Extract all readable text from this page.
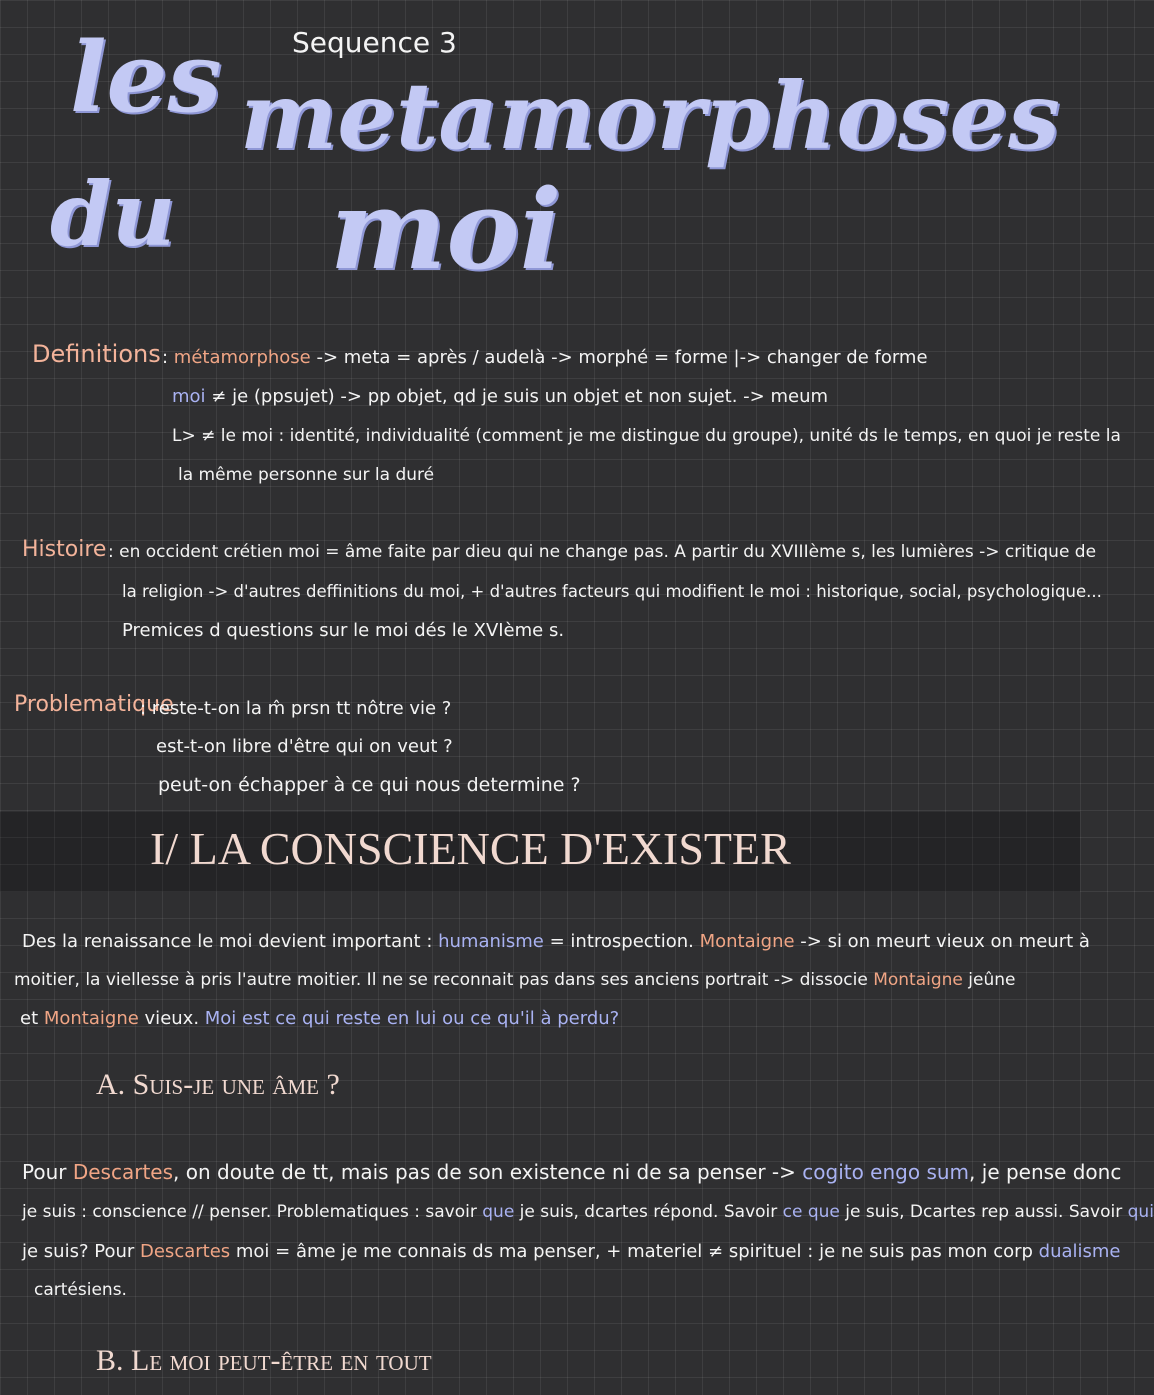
Sequence 3
les metamorphoses
du moi
Definitions : métamorphose -> meta = après / audelà -> morphé = forme |-> changer de forme
moi ≠ je (ppsujet) -> pp objet, qd je suis un objet et non sujet. -> meum
L> ≠ le moi : identité, individualité (comment je me distingue du groupe), unité ds le temps, en quoi je reste la
la même personne sur la duré
Histoire : en occident crétien moi = âme faite par dieu qui ne change pas. A partir du XVIIIème s, les lumières -> critique de
la religion -> d'autres deffinitions du moi, + d'autres facteurs qui modifient le moi : historique, social, psychologique...
Premices d questions sur le moi dés le XVIème s.
Problematique
: reste-t-on la m̂ prsn tt nôtre vie ?
est-t-on libre d'être qui on veut ?
peut-on échapper à ce qui nous determine ?
I/ LA CONSCIENCE D'EXISTER
Des la renaissance le moi devient important : humanisme = introspection. Montaigne -> si on meurt vieux on meurt à
moitier, la viellesse à pris l'autre moitier. Il ne se reconnait pas dans ses anciens portrait -> dissocie Montaigne jeûne
et Montaigne vieux. Moi est ce qui reste en lui ou ce qu'il à perdu?
A. Suis-je une âme ?
Pour Descartes, on doute de tt, mais pas de son existence ni de sa penser -> cogito engo sum, je pense donc
je suis : conscience // penser. Problematiques : savoir que je suis, dcartes répond. Savoir ce que je suis, Dcartes rep aussi. Savoir qui
je suis? Pour Descartes moi = âme je me connais ds ma penser, + materiel ≠ spirituel : je ne suis pas mon corp dualisme
cartésiens.
B. Le moi peut-être en tout
